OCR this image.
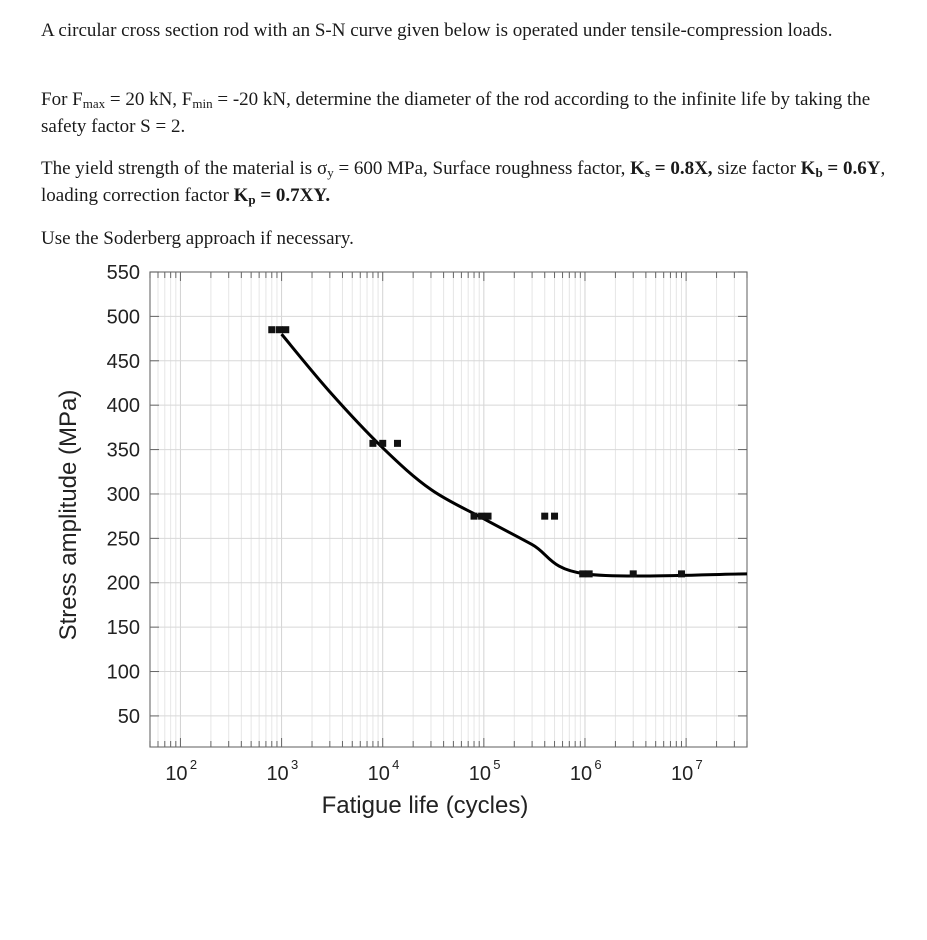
A circular cross section rod with an S-N curve given below is operated under tensile-compression loads.
For $F_{max} = 20$ kN, $F_{min} = -20$ kN, determine the diameter of the rod according to the infinite life by taking the safety factor S = 2.
The yield strength of the material is $\sigma_y = 600$ MPa, Surface roughness factor, $K_s = 0.8X$, size factor $K_b = 0.6Y$, loading correction factor $K_p = 0.7XY$.
Use the Soderberg approach if necessary.
50
100
150
200
250
300
350
400
450
500
550
10 2	10 3	10 4	10 5	10 6	10 7
Fatigue life (cycles)
Stress amplitude (MPa)
